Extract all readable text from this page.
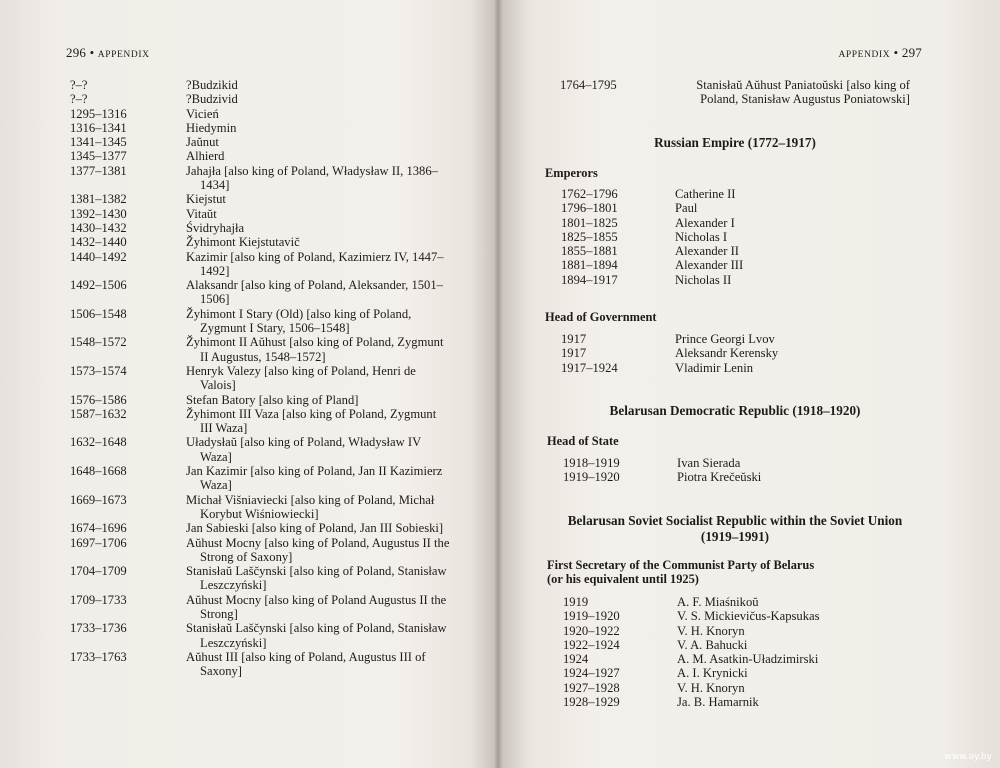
296 • APPENDIX
?–?	?Budzikid
?–?	?Budzivid
1295–1316	Vicień
1316–1341	Hiedymin
1341–1345	Jaŭnut
1345–1377	Alhierd
1377–1381	Jahajła [also king of Poland, Władysław II, 1386–1434]
1381–1382	Kiejstut
1392–1430	Vitaŭt
1430–1432	Śvidryhajła
1432–1440	Žyhimont Kiejstutavič
1440–1492	Kazimir [also king of Poland, Kazimierz IV, 1447–1492]
1492–1506	Alaksandr [also king of Poland, Aleksander, 1501–1506]
1506–1548	Žyhimont I Stary (Old) [also king of Poland, Zygmunt I Stary, 1506–1548]
1548–1572	Žyhimont II Aŭhust [also king of Poland, Zygmunt II Augustus, 1548–1572]
1573–1574	Henryk Valezy [also king of Poland, Henri de Valois]
1576–1586	Stefan Batory [also king of Pland]
1587–1632	Žyhimont III Vaza [also king of Poland, Zygmunt III Waza]
1632–1648	Uładysłaŭ [also king of Poland, Władysław IV Waza]
1648–1668	Jan Kazimir [also king of Poland, Jan II Kazimierz Waza]
1669–1673	Michał Višniaviecki [also king of Poland, Michał Korybut Wiśniowiecki]
1674–1696	Jan Sabieski [also king of Poland, Jan III Sobieski]
1697–1706	Aŭhust Mocny [also king of Poland, Augustus II the Strong of Saxony]
1704–1709	Stanisłaŭ Laščynski [also king of Poland, Stanisław Leszczyński]
1709–1733	Aŭhust Mocny [also king of Poland Augustus II the Strong]
1733–1736	Stanisłaŭ Laščynski [also king of Poland, Stanisław Leszczyński]
1733–1763	Aŭhust III [also king of Poland, Augustus III of Saxony]
APPENDIX • 297
1764–1795	Stanisłaŭ Aŭhust Paniatoŭski [also king of Poland, Stanisław Augustus Poniatowski]
Russian Empire (1772–1917)
Emperors
1762–1796	Catherine II
1796–1801	Paul
1801–1825	Alexander I
1825–1855	Nicholas I
1855–1881	Alexander II
1881–1894	Alexander III
1894–1917	Nicholas II
Head of Government
1917	Prince Georgi Lvov
1917	Aleksandr Kerensky
1917–1924	Vladimir Lenin
Belarusan Democratic Republic (1918–1920)
Head of State
1918–1919	Ivan Sierada
1919–1920	Piotra Krečeŭski
Belarusan Soviet Socialist Republic within the Soviet Union
(1919–1991)
First Secretary of the Communist Party of Belarus
(or his equivalent until 1925)
1919	A. F. Miaśnikoŭ
1919–1920	V. S. Mickievičus-Kapsukas
1920–1922	V. H. Knoryn
1922–1924	V. A. Bahucki
1924	A. M. Asatkin-Uładzimirski
1924–1927	A. I. Krynicki
1927–1928	V. H. Knoryn
1928–1929	Ja. B. Hamarnik
www.ay.by
